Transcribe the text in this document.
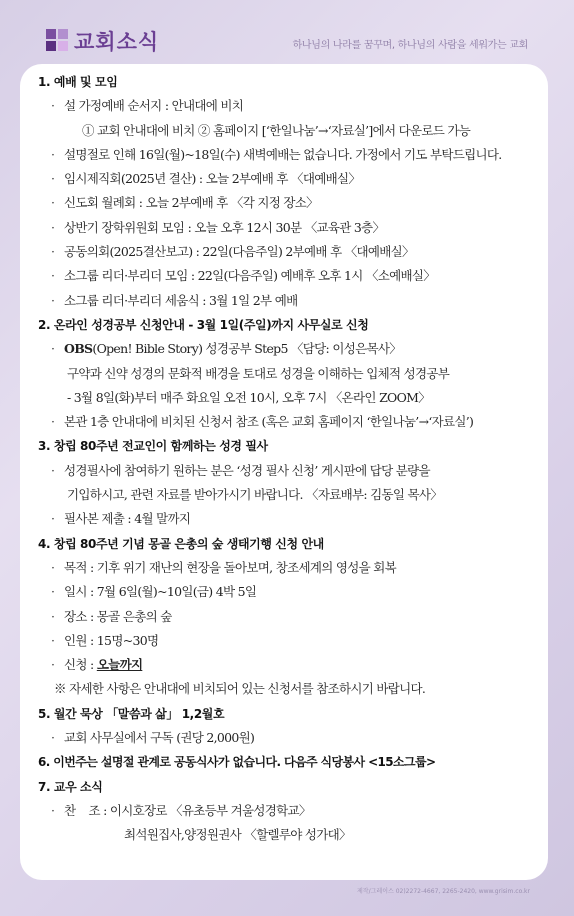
교회소식	하나님의 나라를 꿈꾸며, 하나님의 사람을 세워가는 교회
1. 예배 및 모임
· 설 가정예배 순서지 : 안내대에 비치
① 교회 안내대에 비치 ② 홈페이지 [‘한일나눔’→‘자료실’]에서 다운로드 가능
· 설명절로 인해 16일(월)~18일(수) 새벽예배는 없습니다. 가정에서 기도 부탁드립니다.
· 임시제직회(2025년 결산) : 오늘 2부예배 후 〈대예배실〉
· 신도회 월례회 : 오늘 2부예배 후 〈각 지정 장소〉
· 상반기 장학위원회 모임 : 오늘 오후 12시 30분 〈교육관 3층〉
· 공동의회(2025결산보고) : 22일(다음주일) 2부예배 후 〈대예배실〉
· 소그룹 리더·부리더 모임 : 22일(다음주일) 예배후 오후 1시 〈소예배실〉
· 소그룹 리더·부리더 세움식 : 3월 1일 2부 예배
2. 온라인 성경공부 신청안내 - 3월 1일(주일)까지 사무실로 신청
· OBS(Open! Bible Story) 성경공부 Step5 〈담당: 이성은목사〉
구약과 신약 성경의 문화적 배경을 토대로 성경을 이해하는 입체적 성경공부
- 3월 8일(화)부터 매주 화요일 오전 10시, 오후 7시 〈온라인 ZOOM〉
· 본관 1층 안내대에 비치된 신청서 참조 (혹은 교회 홈페이지 ‘한일나눔’→‘자료실’)
3. 창립 80주년 전교인이 함께하는 성경 필사
· 성경필사에 참여하기 원하는 분은 ‘성경 필사 신청’ 게시판에 답당 분량을
기입하시고, 관련 자료를 받아가시기 바랍니다. 〈자료배부: 김동일 목사〉
· 필사본 제출 : 4월 말까지
4. 창립 80주년 기념 몽골 은총의 숲 생태기행 신청 안내
· 목적 : 기후 위기 재난의 현장을 돌아보며, 창조세계의 영성을 회복
· 일시 : 7월 6일(월)~10일(금) 4박 5일
· 장소 : 몽골 은총의 숲
· 인원 : 15명~30명
· 신청 : 오늘까지
※ 자세한 사항은 안내대에 비치되어 있는 신청서를 참조하시기 바랍니다.
5. 월간 묵상 「말씀과 삶」 1,2월호
· 교회 사무실에서 구독 (권당 2,000원)
6. 이번주는 설명절 관계로 공동식사가 없습니다. 다음주 식당봉사 <15소그룹>
7. 교우 소식
· 찬    조 : 이시호장로 〈유초등부 겨울성경학교〉
최석원집사,양정원권사 〈할렐루야 성가대〉
제작/그레이스 02)2272-4667, 2265-2420, www.grisim.co.kr
